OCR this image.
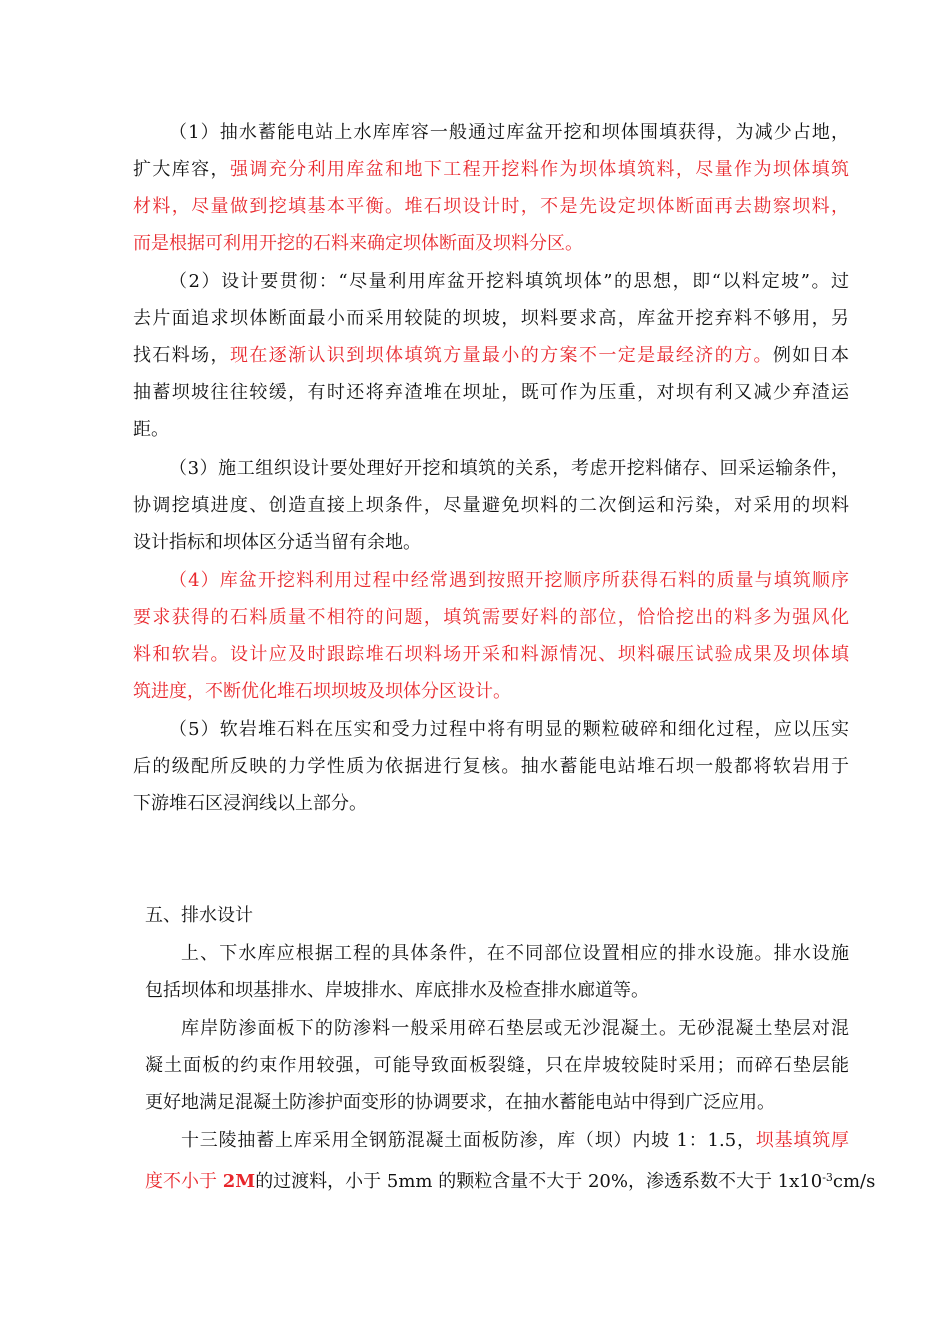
（1）抽水蓄能电站上水库库容一般通过库盆开挖和坝体围填获得，为减少占地，
扩大库容，强调充分利用库盆和地下工程开挖料作为坝体填筑料，尽量作为坝体填筑
材料，尽量做到挖填基本平衡。堆石坝设计时，不是先设定坝体断面再去勘察坝料，
而是根据可利用开挖的石料来确定坝体断面及坝料分区。

（2）设计要贯彻：“尽量利用库盆开挖料填筑坝体”的思想，即“以料定坡”。过
去片面追求坝体断面最小而采用较陡的坝坡，坝料要求高，库盆开挖弃料不够用，另
找石料场，现在逐渐认识到坝体填筑方量最小的方案不一定是最经济的方。例如日本
抽蓄坝坡往往较缓，有时还将弃渣堆在坝址，既可作为压重，对坝有利又减少弃渣运
距。

（3）施工组织设计要处理好开挖和填筑的关系，考虑开挖料储存、回采运输条件，
协调挖填进度、创造直接上坝条件，尽量避免坝料的二次倒运和污染，对采用的坝料
设计指标和坝体区分适当留有余地。

（4）库盆开挖料利用过程中经常遇到按照开挖顺序所获得石料的质量与填筑顺序
要求获得的石料质量不相符的问题，填筑需要好料的部位，恰恰挖出的料多为强风化
料和软岩。设计应及时跟踪堆石坝料场开采和料源情况、坝料碾压试验成果及坝体填
筑进度，不断优化堆石坝坝坡及坝体分区设计。

（5）软岩堆石料在压实和受力过程中将有明显的颗粒破碎和细化过程，应以压实
后的级配所反映的力学性质为依据进行复核。抽水蓄能电站堆石坝一般都将软岩用于
下游堆石区浸润线以上部分。

五、排水设计

上、下水库应根据工程的具体条件，在不同部位设置相应的排水设施。排水设施
包括坝体和坝基排水、岸坡排水、库底排水及检查排水廊道等。

库岸防渗面板下的防渗料一般采用碎石垫层或无沙混凝土。无砂混凝土垫层对混
凝土面板的约束作用较强，可能导致面板裂缝，只在岸坡较陡时采用；而碎石垫层能
更好地满足混凝土防渗护面变形的协调要求，在抽水蓄能电站中得到广泛应用。

十三陵抽蓄上库采用全钢筋混凝土面板防渗，库（坝）内坡 1：1.5，坝基填筑厚
度不小于 2M的过渡料，小于 5mm 的颗粒含量不大于 20%，渗透系数不大于 $1x10^{-3}cm/s$
